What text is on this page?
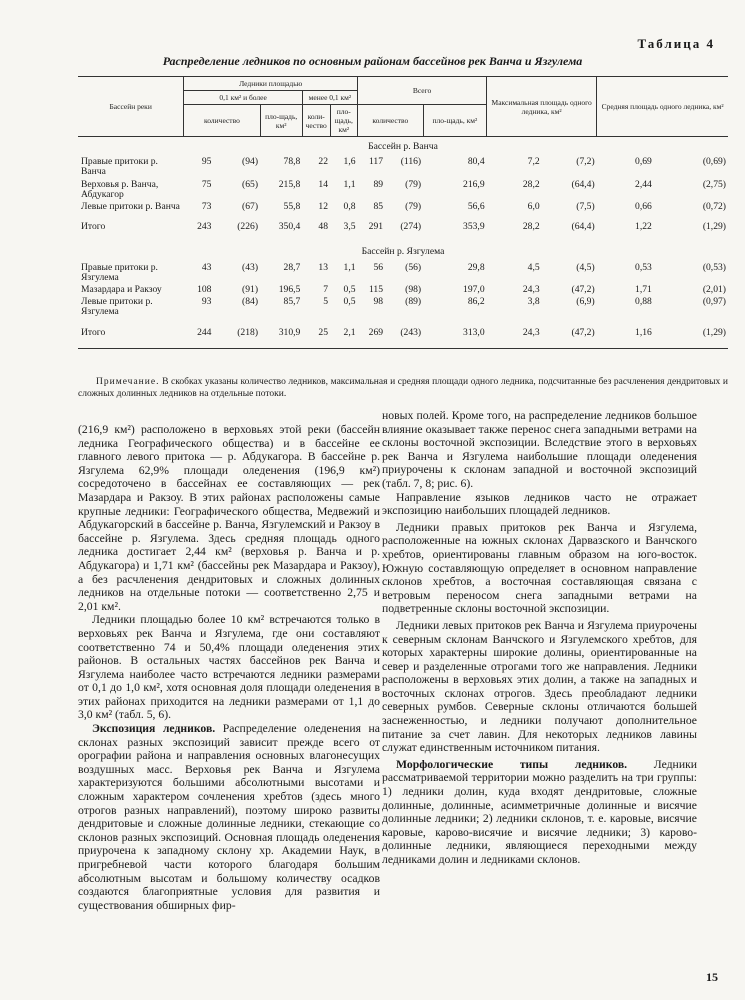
Таблица 4
Распределение ледников по основным районам бассейнов рек Ванча и Язгулема
Бассейн реки	Ледники площадью					Всего			Максимальная площадь одного ледника, км²		Средняя площадь одного ледника, км²	
	0,1 км² и более			менее 0,1 км²								
	количество		пло-щадь, км²	коли-чество	пло-щадь, км²	количество		пло-щадь, км²				
Бассейн р. Ванча												
Правые притоки р. Ванча	95	(94)	78,8	22	1,6	117	(116)	80,4	7,2	(7,2)	0,69	(0,69)
Верховья р. Ванча, Абдукагор	75	(65)	215,8	14	1,1	89	(79)	216,9	28,2	(64,4)	2,44	(2,75)
Левые притоки р. Ванча	73	(67)	55,8	12	0,8	85	(79)	56,6	6,0	(7,5)	0,66	(0,72)
Итого	243	(226)	350,4	48	3,5	291	(274)	353,9	28,2	(64,4)	1,22	(1,29)
Бассейн р. Язгулема												
Правые притоки р. Язгулема	43	(43)	28,7	13	1,1	56	(56)	29,8	4,5	(4,5)	0,53	(0,53)
Мазардара и Ракзоу	108	(91)	196,5	7	0,5	115	(98)	197,0	24,3	(47,2)	1,71	(2,01)
Левые притоки р. Язгулема	93	(84)	85,7	5	0,5	98	(89)	86,2	3,8	(6,9)	0,88	(0,97)
Итого	244	(218)	310,9	25	2,1	269	(243)	313,0	24,3	(47,2)	1,16	(1,29)
Примечание. В скобках указаны количество ледников, максимальная и средняя площади одного ледника, подсчитанные без расчленения дендритовых и сложных долинных ледников на отдельные потоки.

(216,9 км²) расположено в верховьях этой реки (бассейн ледника Географического общества) и в бассейне ее главного левого притока — р. Абдукагора. В бассейне р. Язгулема 62,9% площади оледенения (196,9 км²) сосредоточено в бассейнах ее составляющих — рек Мазардара и Ракзоу. В этих районах расположены самые крупные ледники: Географического общества, Медвежий и Абдукагорский в бассейне р. Ванча, Язгулемский и Ракзоу в бассейне р. Язгулема. Здесь средняя площадь одного ледника достигает 2,44 км² (верховья р. Ванча и р. Абдукагора) и 1,71 км² (бассейны рек Мазардара и Ракзоу), а без расчленения дендритовых и сложных долинных ледников на отдельные потоки — соответственно 2,75 и 2,01 км².

Ледники площадью более 10 км² встречаются только в верховьях рек Ванча и Язгулема, где они составляют соответственно 74 и 50,4% площади оледенения этих районов. В остальных частях бассейнов рек Ванча и Язгулема наиболее часто встречаются ледники размерами от 0,1 до 1,0 км², хотя основная доля площади оледенения в этих районах приходится на ледники размерами от 1,1 до 3,0 км² (табл. 5, 6).

Экспозиция ледников. Распределение оледенения на склонах разных экспозиций зависит прежде всего от орографии района и направления основных влагонесущих воздушных масс. Верховья рек Ванча и Язгулема характеризуются большими абсолютными высотами и сложным характером сочленения хребтов (здесь много отрогов разных направлений), поэтому широко развиты дендритовые и сложные долинные ледники, стекающие со склонов разных экспозиций. Основная площадь оледенения приурочена к западному склону хр. Академии Наук, в пригребневой части которого благодаря большим абсолютным высотам и большому количеству осадков создаются благоприятные условия для развития и существования обширных фир-

новых полей. Кроме того, на распределение ледников большое влияние оказывает также перенос снега западными ветрами на склоны восточной экспозиции. Вследствие этого в верховьях рек Ванча и Язгулема наибольшие площади оледенения приурочены к склонам западной и восточной экспозиций (табл. 7, 8; рис. 6).

Направление языков ледников часто не отражает экспозицию наибольших площадей ледников.

Ледники правых притоков рек Ванча и Язгулема, расположенные на южных склонах Дарвазского и Ванчского хребтов, ориентированы главным образом на юго-восток. Южную составляющую определяет в основном направление склонов хребтов, а восточная составляющая связана с ветровым переносом снега западными ветрами на подветренные склоны восточной экспозиции.

Ледники левых притоков рек Ванча и Язгулема приурочены к северным склонам Ванчского и Язгулемского хребтов, для которых характерны широкие долины, ориентированные на север и разделенные отрогами того же направления. Ледники расположены в верховьях этих долин, а также на западных и восточных склонах отрогов. Здесь преобладают ледники северных румбов. Северные склоны отличаются большей заснеженностью, и ледники получают дополнительное питание за счет лавин. Для некоторых ледников лавины служат единственным источником питания.

Морфологические типы ледников. Ледники рассматриваемой территории можно разделить на три группы: 1) ледники долин, куда входят дендритовые, сложные долинные, долинные, асимметричные долинные и висячие долинные ледники; 2) ледники склонов, т. е. каровые, висячие каровые, карово-висячие и висячие ледники; 3) карово-долинные ледники, являющиеся переходными между ледниками долин и ледниками склонов.

15
